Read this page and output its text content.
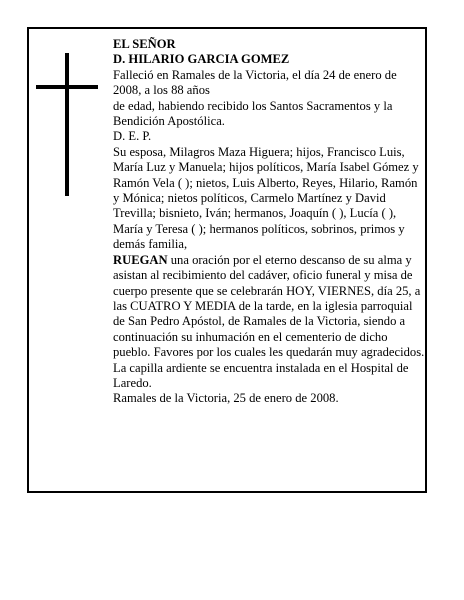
EL SEÑOR

D. HILARIO GARCIA GOMEZ

Falleció en Ramales de la Victoria, el día 24 de enero de 2008, a los 88 años

de edad, habiendo recibido los Santos Sacramentos y la Bendición Apostólica.

D. E. P.

Su esposa, Milagros Maza Higuera; hijos, Francisco Luis, María Luz y Manuela; hijos políticos, María Isabel Gómez y Ramón Vela ( ); nietos, Luis Alberto, Reyes, Hilario, Ramón y Mónica; nietos políticos, Carmelo Martínez y David Trevilla; bisnieto, Iván; hermanos, Joaquín ( ), Lucía ( ), María y Teresa ( ); hermanos políticos, sobrinos, primos y demás familia,
RUEGAN una oración por el eterno descanso de su alma y asistan al recibimiento del cadáver, oficio funeral y misa de cuerpo presente que se celebrarán HOY, VIERNES, día 25, a las CUATRO Y MEDIA de la tarde, en la iglesia parroquial de San Pedro Apóstol, de Ramales de la Victoria, siendo a continuación su inhumación en el cementerio de dicho pueblo. Favores por los cuales les quedarán muy agradecidos. La capilla ardiente se encuentra instalada en el Hospital de Laredo.

Ramales de la Victoria, 25 de enero de 2008.
